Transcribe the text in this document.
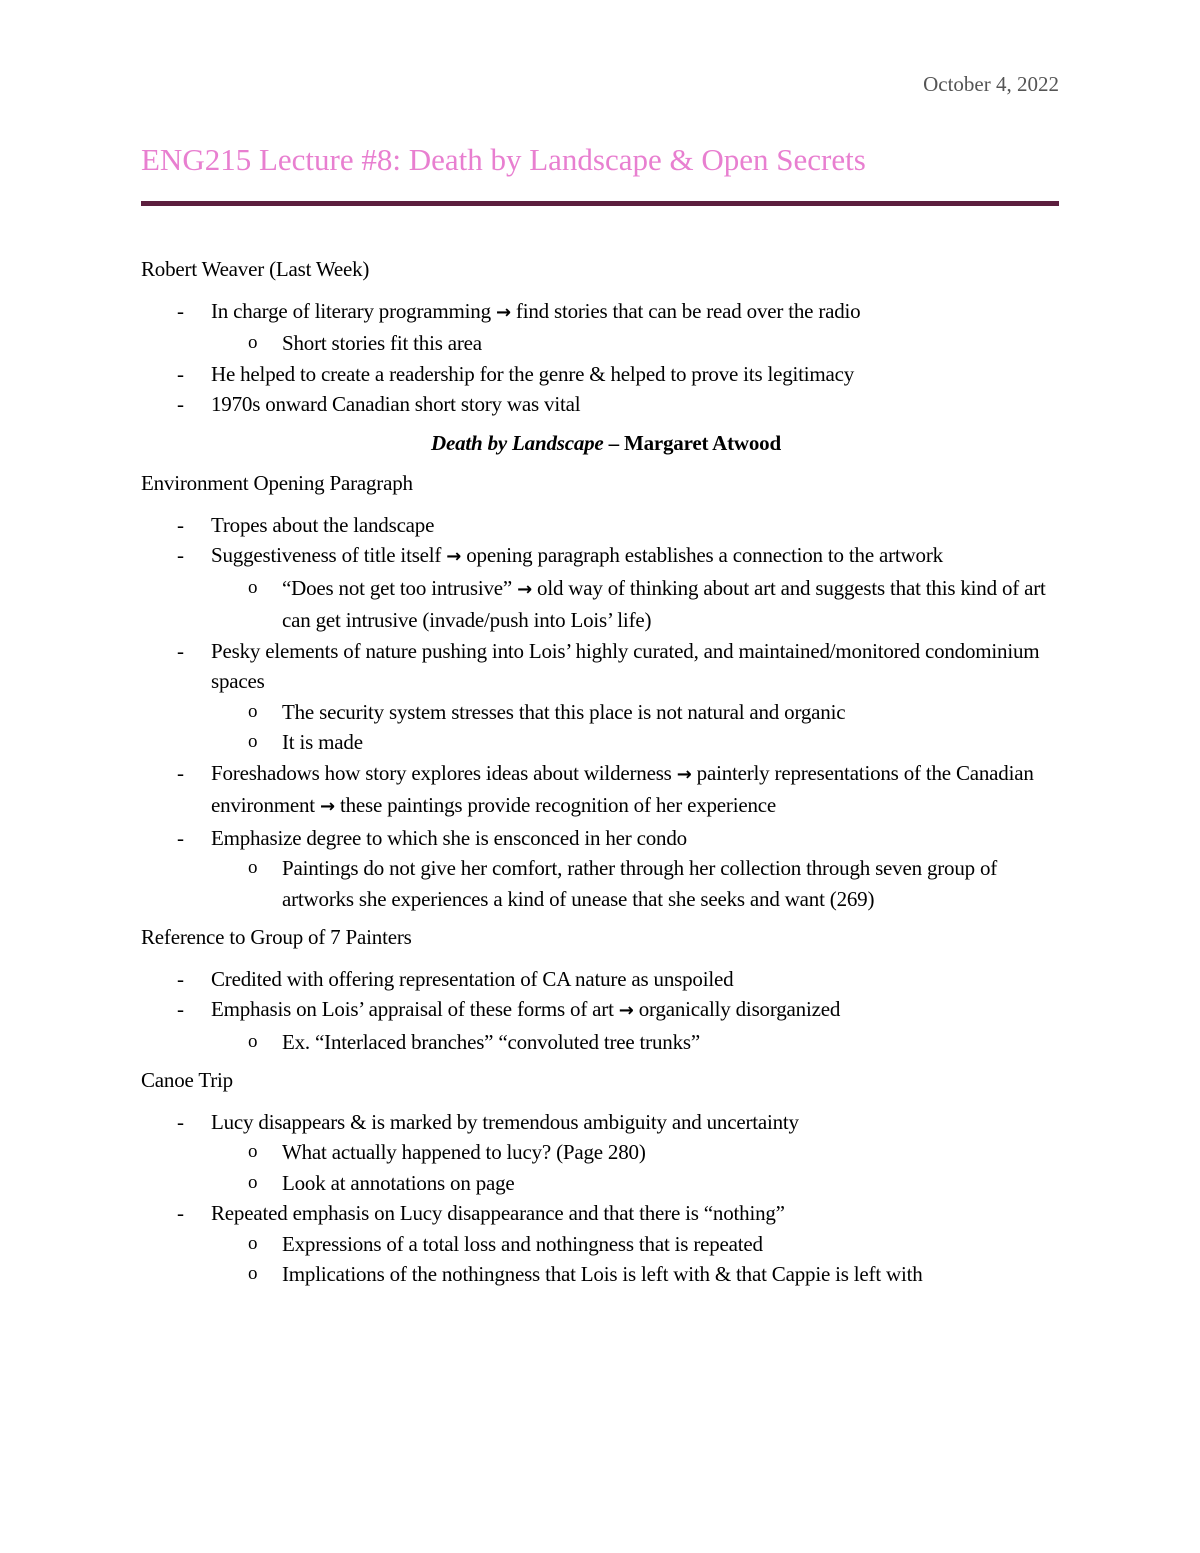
October 4, 2022
ENG215 Lecture #8: Death by Landscape & Open Secrets
Robert Weaver (Last Week)
- In charge of literary programming → find stories that can be read over the radio
o Short stories fit this area
- He helped to create a readership for the genre & helped to prove its legitimacy
- 1970s onward Canadian short story was vital
Death by Landscape – Margaret Atwood
Environment Opening Paragraph
- Tropes about the landscape
- Suggestiveness of title itself → opening paragraph establishes a connection to the artwork
o “Does not get too intrusive” → old way of thinking about art and suggests that this kind of art can get intrusive (invade/push into Lois’ life)
- Pesky elements of nature pushing into Lois’ highly curated, and maintained/monitored condominium spaces
o The security system stresses that this place is not natural and organic
o It is made
- Foreshadows how story explores ideas about wilderness → painterly representations of the Canadian environment → these paintings provide recognition of her experience
- Emphasize degree to which she is ensconced in her condo
o Paintings do not give her comfort, rather through her collection through seven group of artworks she experiences a kind of unease that she seeks and want (269)
Reference to Group of 7 Painters
- Credited with offering representation of CA nature as unspoiled
- Emphasis on Lois’ appraisal of these forms of art → organically disorganized
o Ex. “Interlaced branches” “convoluted tree trunks”
Canoe Trip
- Lucy disappears & is marked by tremendous ambiguity and uncertainty
o What actually happened to lucy? (Page 280)
o Look at annotations on page
- Repeated emphasis on Lucy disappearance and that there is “nothing”
o Expressions of a total loss and nothingness that is repeated
o Implications of the nothingness that Lois is left with & that Cappie is left with
